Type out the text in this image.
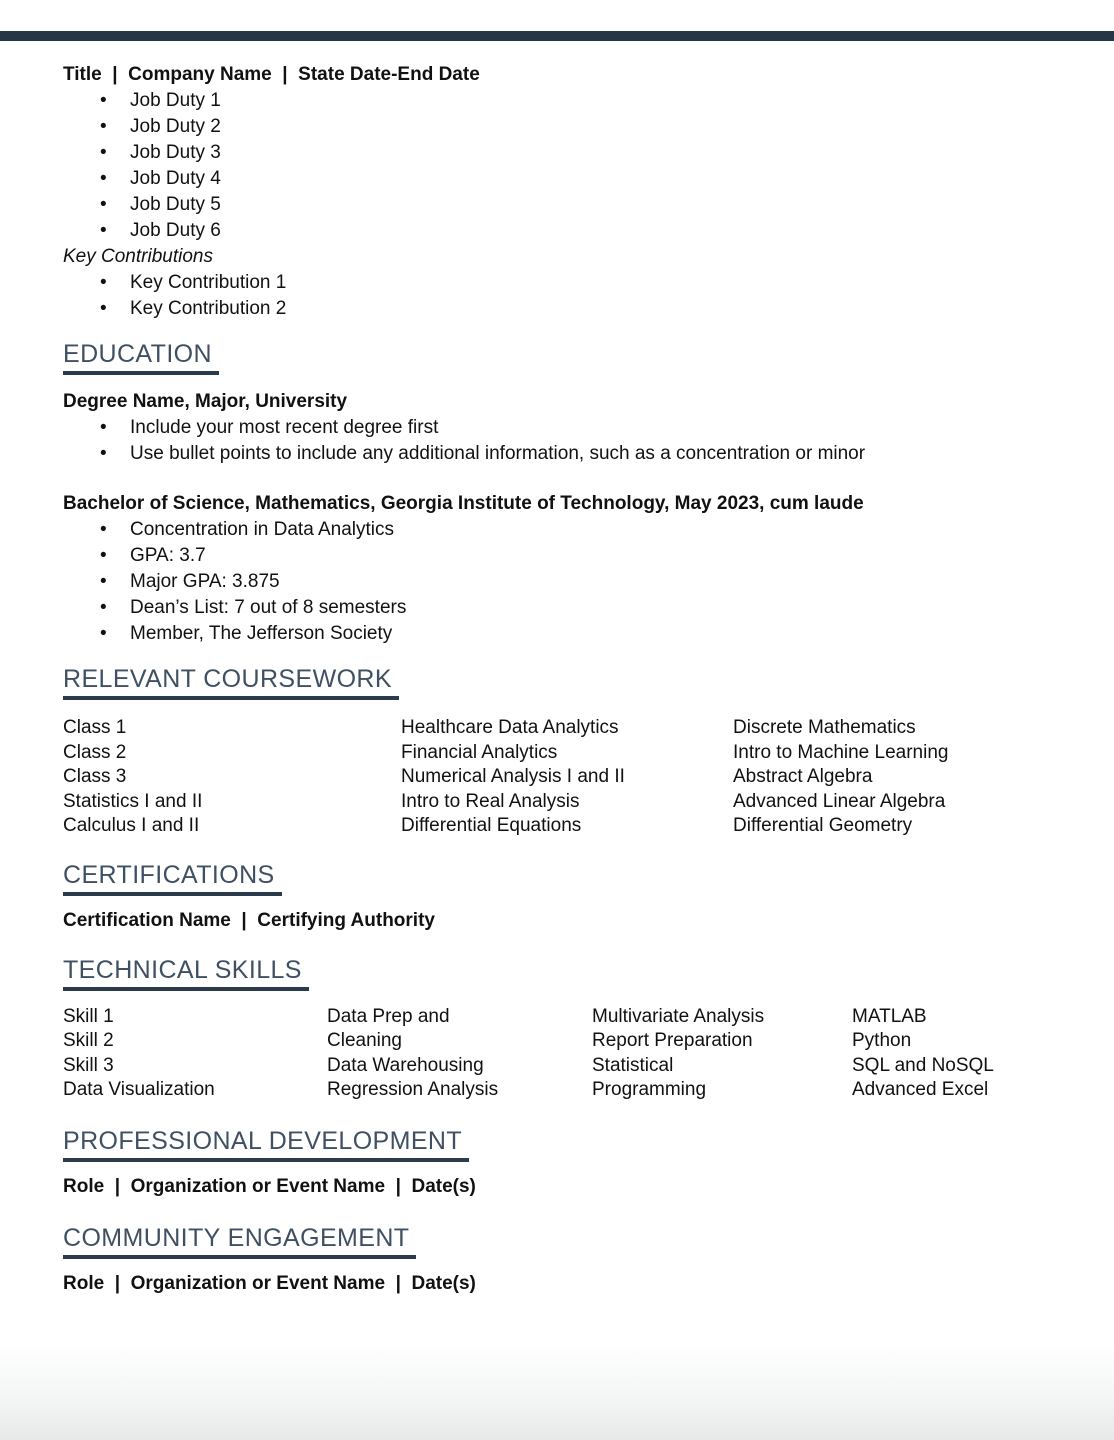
Title  |  Company Name  |  State Date-End Date
• Job Duty 1
• Job Duty 2
• Job Duty 3
• Job Duty 4
• Job Duty 5
• Job Duty 6
Key Contributions
• Key Contribution 1
• Key Contribution 2
EDUCATION
Degree Name, Major, University
• Include your most recent degree first
• Use bullet points to include any additional information, such as a concentration or minor
Bachelor of Science, Mathematics, Georgia Institute of Technology, May 2023, cum laude
• Concentration in Data Analytics
• GPA: 3.7
• Major GPA: 3.875
• Dean’s List: 7 out of 8 semesters
• Member, The Jefferson Society
RELEVANT COURSEWORK
Class 1
Class 2
Class 3
Statistics I and II
Calculus I and II
Healthcare Data Analytics
Financial Analytics
Numerical Analysis I and II
Intro to Real Analysis
Differential Equations
Discrete Mathematics
Intro to Machine Learning
Abstract Algebra
Advanced Linear Algebra
Differential Geometry
CERTIFICATIONS
Certification Name  |  Certifying Authority
TECHNICAL SKILLS
Skill 1
Skill 2
Skill 3
Data Visualization
Data Prep and
Cleaning
Data Warehousing
Regression Analysis
Multivariate Analysis
Report Preparation
Statistical
Programming
MATLAB
Python
SQL and NoSQL
Advanced Excel
PROFESSIONAL DEVELOPMENT
Role  |  Organization or Event Name  |  Date(s)
COMMUNITY ENGAGEMENT
Role  |  Organization or Event Name  |  Date(s)
